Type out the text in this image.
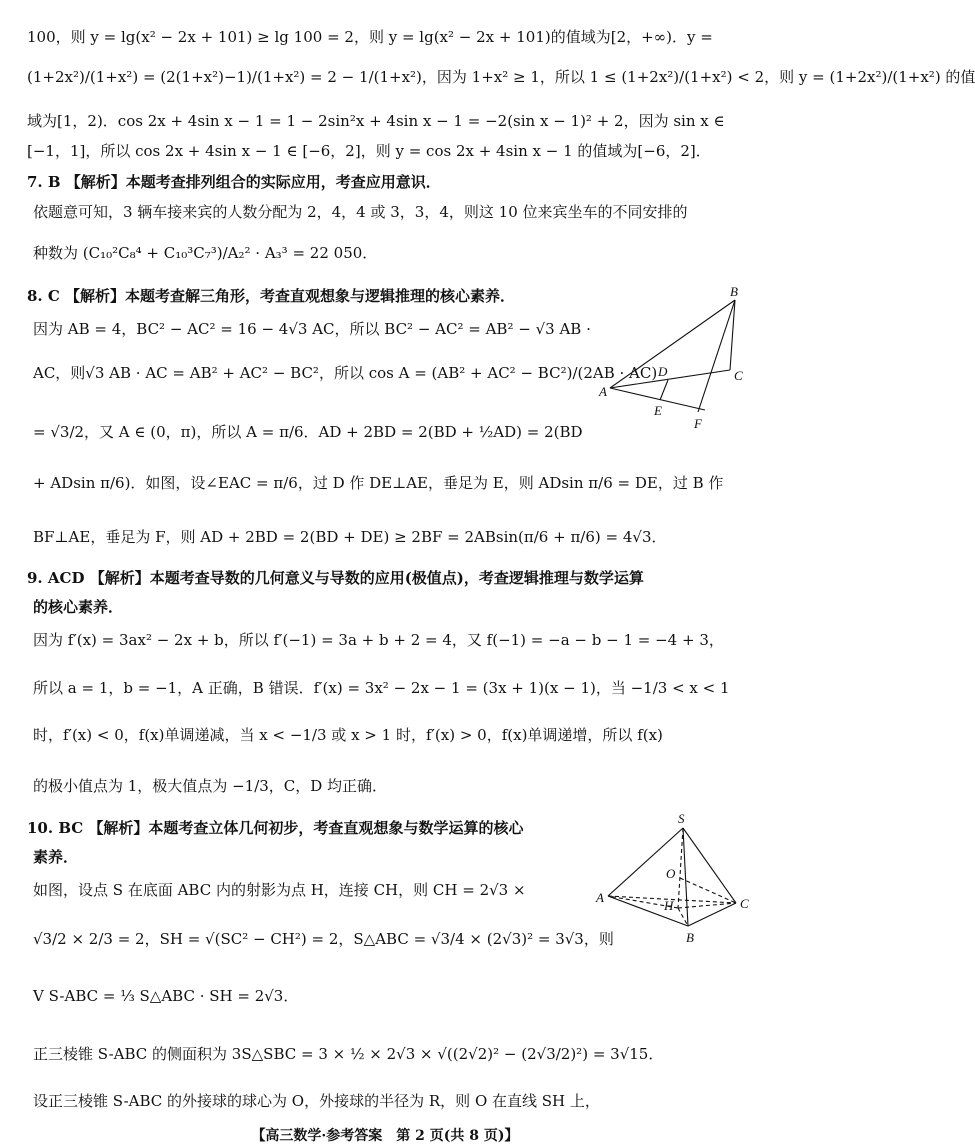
100，则 y = lg(x² − 2x + 101) ≥ lg 100 = 2，则 y = lg(x² − 2x + 101)的值域为[2，+∞)．y =
(1+2x²)/(1+x²) = (2(1+x²)−1)/(1+x²) = 2 − 1/(1+x²)，因为 1+x² ≥ 1，所以 1 ≤ (1+2x²)/(1+x²) < 2，则 y = (1+2x²)/(1+x²) 的值
域为[1，2)．cos 2x + 4sin x − 1 = 1 − 2sin²x + 4sin x − 1 = −2(sin x − 1)² + 2，因为 sin x ∈
[−1，1]，所以 cos 2x + 4sin x − 1 ∈ [−6，2]，则 y = cos 2x + 4sin x − 1 的值域为[−6，2]．
7. B 【解析】本题考查排列组合的实际应用，考查应用意识．
依题意可知，3 辆车接来宾的人数分配为 2，4，4 或 3，3，4，则这 10 位来宾坐车的不同安排的
种数为 (C₁₀²C₈⁴ + C₁₀³C₇³)/A₂² · A₃³ = 22 050．
8. C 【解析】本题考查解三角形，考查直观想象与逻辑推理的核心素养．
因为 AB = 4，BC² − AC² = 16 − 4√3 AC，所以 BC² − AC² = AB² − √3 AB ·
AC，则√3 AB · AC = AB² + AC² − BC²，所以 cos A = (AB² + AC² − BC²)/(2AB · AC)
= √3/2，又 A ∈ (0，π)，所以 A = π/6．AD + 2BD = 2(BD + ½AD) = 2(BD
+ ADsin π/6)．如图，设∠EAC = π/6，过 D 作 DE⊥AE，垂足为 E，则 ADsin π/6 = DE，过 B 作
BF⊥AE，垂足为 F，则 AD + 2BD = 2(BD + DE) ≥ 2BF = 2ABsin(π/6 + π/6) = 4√3．
9. ACD 【解析】本题考查导数的几何意义与导数的应用(极值点)，考查逻辑推理与数学运算
的核心素养．
因为 f′(x) = 3ax² − 2x + b，所以 f′(−1) = 3a + b + 2 = 4，又 f(−1) = −a − b − 1 = −4 + 3，
所以 a = 1，b = −1，A 正确，B 错误．f′(x) = 3x² − 2x − 1 = (3x + 1)(x − 1)，当 −1/3 < x < 1
时，f′(x) < 0，f(x)单调递减，当 x < −1/3 或 x > 1 时，f′(x) > 0，f(x)单调递增，所以 f(x)
的极小值点为 1，极大值点为 −1/3，C，D 均正确．
10. BC 【解析】本题考查立体几何初步，考查直观想象与数学运算的核心
素养．
如图，设点 S 在底面 ABC 内的射影为点 H，连接 CH，则 CH = 2√3 ×
√3/2 × 2/3 = 2，SH = √(SC² − CH²) = 2，S△ABC = √3/4 × (2√3)² = 3√3，则
V S-ABC = ⅓ S△ABC · SH = 2√3．
正三棱锥 S-ABC 的侧面积为 3S△SBC = 3 × ½ × 2√3 × √((2√2)² − (2√3/2)²) = 3√15．
设正三棱锥 S-ABC 的外接球的球心为 O，外接球的半径为 R，则 O 在直线 SH 上，
A
B
C
D
E
F
S
O
H
A
B
C
【高三数学·参考答案　第 2 页(共 8 页)】
